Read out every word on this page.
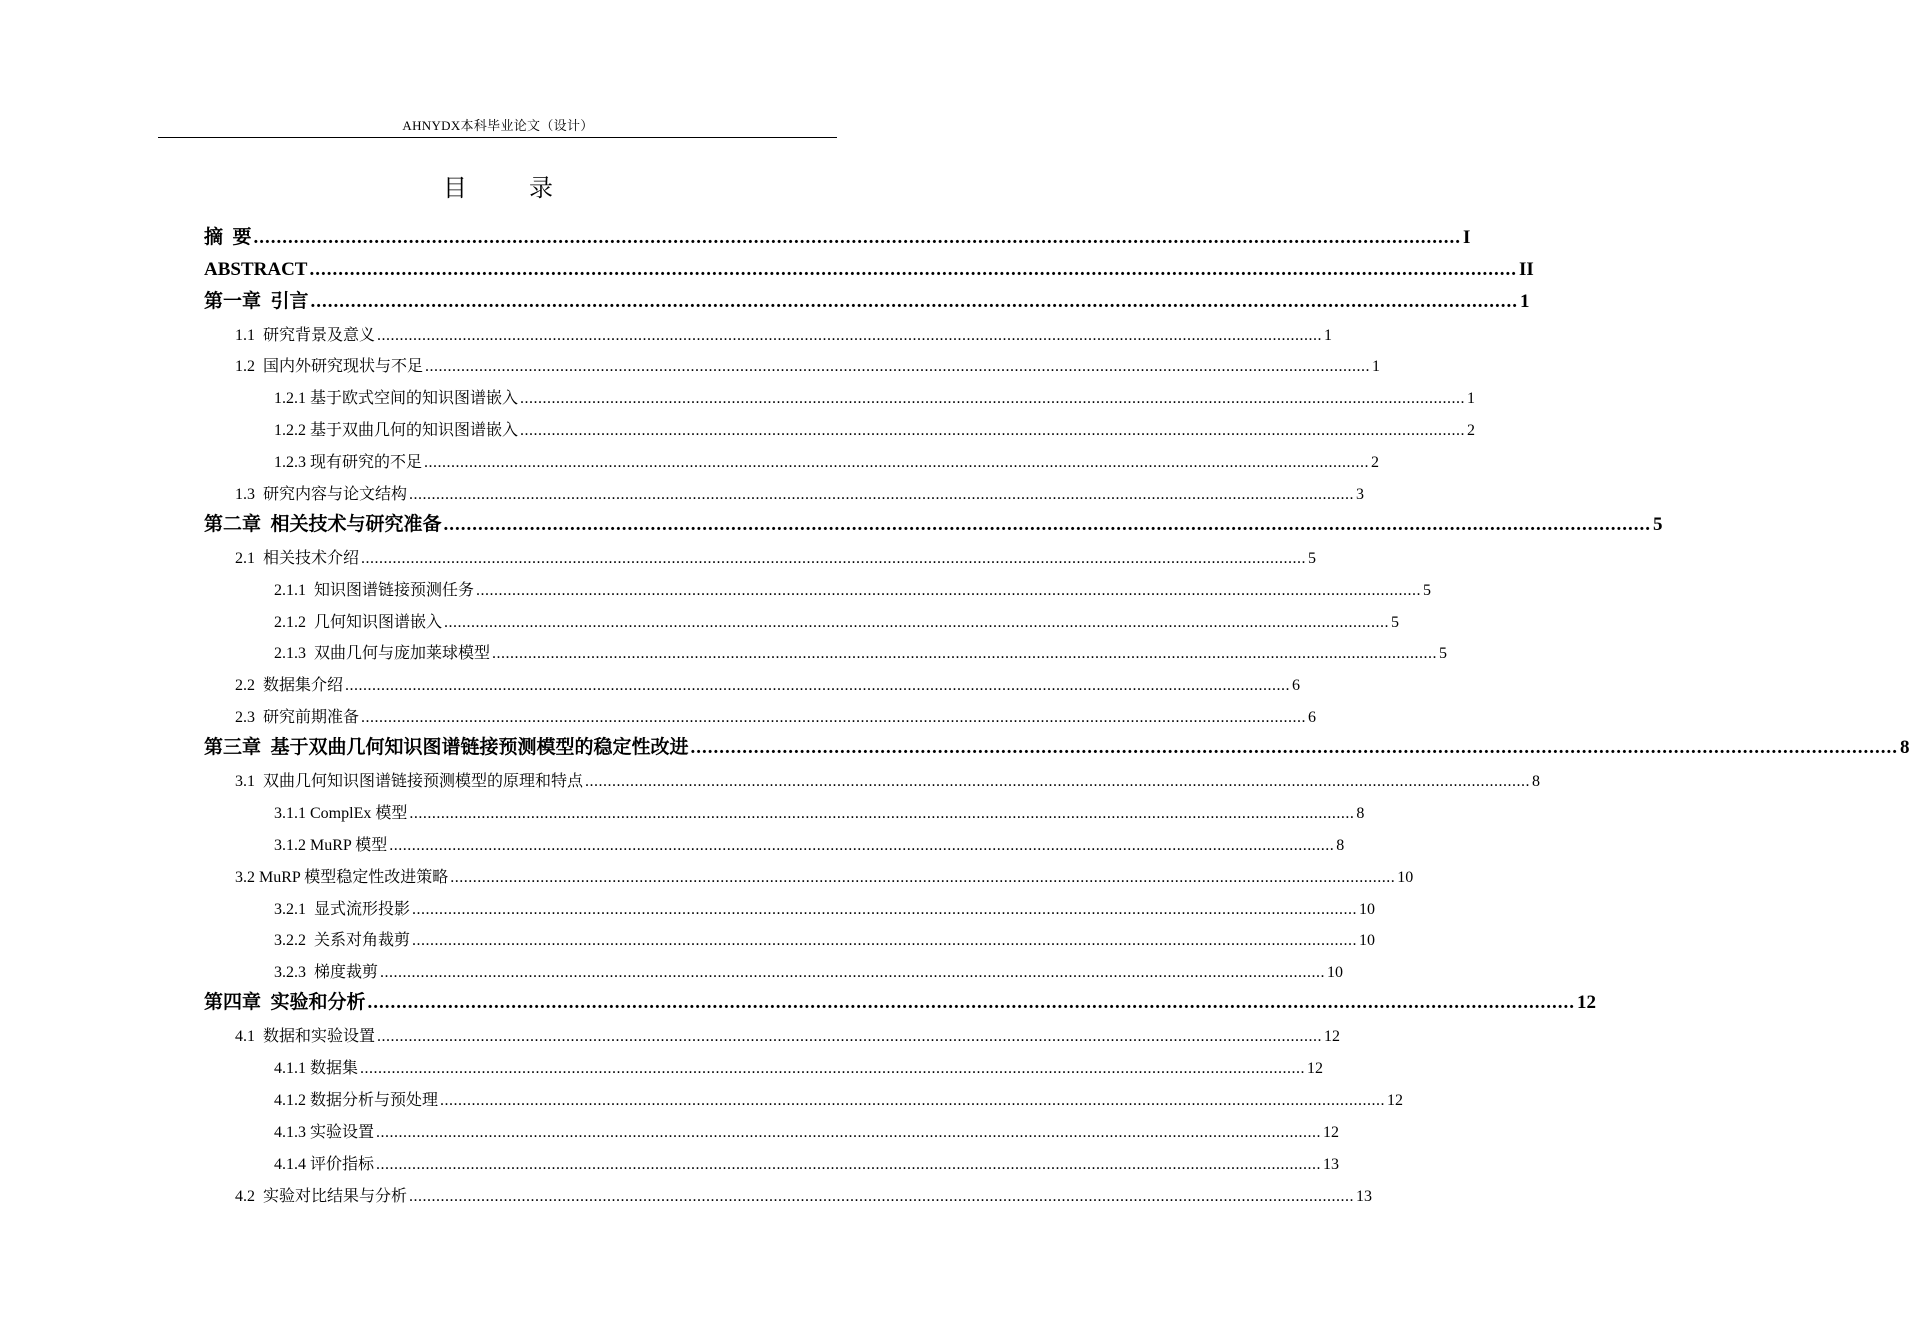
AHNYDX本科毕业论文（设计）
目 录
摘  要 .................................................................................................................................................................................................................. I
ABSTRACT .................................................................................................................................................................................................................. II
第一章  引言 .................................................................................................................................................................................................................. 1
1.1  研究背景及意义 .................................................................................................................................................................................................................. 1
1.2  国内外研究现状与不足 .................................................................................................................................................................................................................. 1
1.2.1 基于欧式空间的知识图谱嵌入 .................................................................................................................................................................................................................. 1
1.2.2 基于双曲几何的知识图谱嵌入 .................................................................................................................................................................................................................. 2
1.2.3 现有研究的不足 .................................................................................................................................................................................................................. 2
1.3  研究内容与论文结构 .................................................................................................................................................................................................................. 3
第二章  相关技术与研究准备 .................................................................................................................................................................................................................. 5
2.1  相关技术介绍 .................................................................................................................................................................................................................. 5
2.1.1  知识图谱链接预测任务 .................................................................................................................................................................................................................. 5
2.1.2  几何知识图谱嵌入 .................................................................................................................................................................................................................. 5
2.1.3  双曲几何与庞加莱球模型 .................................................................................................................................................................................................................. 5
2.2  数据集介绍 .................................................................................................................................................................................................................. 6
2.3  研究前期准备 .................................................................................................................................................................................................................. 6
第三章  基于双曲几何知识图谱链接预测模型的稳定性改进 .................................................................................................................................................................................................................. 8
3.1  双曲几何知识图谱链接预测模型的原理和特点 .................................................................................................................................................................................................................. 8
3.1.1 ComplEx 模型 .................................................................................................................................................................................................................. 8
3.1.2 MuRP 模型 .................................................................................................................................................................................................................. 8
3.2 MuRP 模型稳定性改进策略 .................................................................................................................................................................................................................. 10
3.2.1  显式流形投影 .................................................................................................................................................................................................................. 10
3.2.2  关系对角裁剪 .................................................................................................................................................................................................................. 10
3.2.3  梯度裁剪 .................................................................................................................................................................................................................. 10
第四章  实验和分析 .................................................................................................................................................................................................................. 12
4.1  数据和实验设置 .................................................................................................................................................................................................................. 12
4.1.1 数据集 .................................................................................................................................................................................................................. 12
4.1.2 数据分析与预处理 .................................................................................................................................................................................................................. 12
4.1.3 实验设置 .................................................................................................................................................................................................................. 12
4.1.4 评价指标 .................................................................................................................................................................................................................. 13
4.2  实验对比结果与分析 .................................................................................................................................................................................................................. 13
